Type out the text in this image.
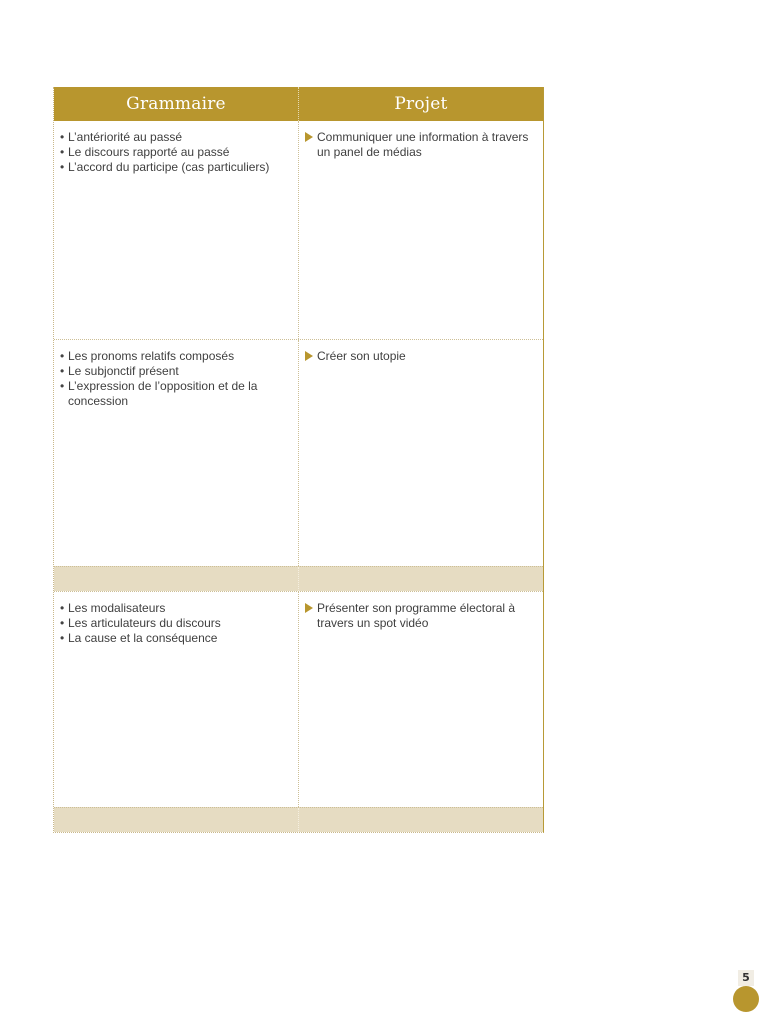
Grammaire	Projet
• L’antériorité au passé
• Le discours rapporté au passé
• L’accord du participe (cas particuliers)
Communiquer une information à travers un panel de médias
• Les pronoms relatifs composés
• Le subjonctif présent
• L’expression de l’opposition et de la concession
Créer son utopie
• Les modalisateurs
• Les articulateurs du discours
• La cause et la conséquence
Présenter son programme électoral à travers un spot vidéo
5
